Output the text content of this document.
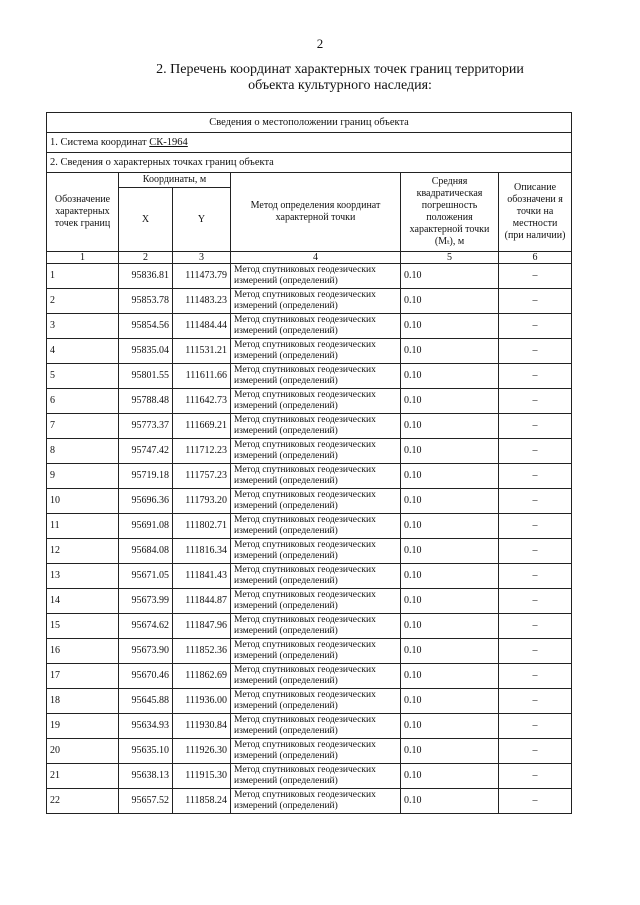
2
2. Перечень координат характерных точек границ территории
объекта культурного наследия:
Сведения о местоположении границ объекта					
1. Система координат СК-1964					
2. Сведения о характерных точках границ объекта					
Обозначение характерных точек границ	Координаты, м		Метод определения координат характерной точки	Средняя квадратическая погрешность положения характерной точки (Mₜ), м	Описание обозначени я точки на местности (при наличии)
	X	Y			
1	2	3	4	5	6
1	95836.81	111473.79	Метод спутниковых геодезических измерений (определений)	0.10	–
2	95853.78	111483.23	Метод спутниковых геодезических измерений (определений)	0.10	–
3	95854.56	111484.44	Метод спутниковых геодезических измерений (определений)	0.10	–
4	95835.04	111531.21	Метод спутниковых геодезических измерений (определений)	0.10	–
5	95801.55	111611.66	Метод спутниковых геодезических измерений (определений)	0.10	–
6	95788.48	111642.73	Метод спутниковых геодезических измерений (определений)	0.10	–
7	95773.37	111669.21	Метод спутниковых геодезических измерений (определений)	0.10	–
8	95747.42	111712.23	Метод спутниковых геодезических измерений (определений)	0.10	–
9	95719.18	111757.23	Метод спутниковых геодезических измерений (определений)	0.10	–
10	95696.36	111793.20	Метод спутниковых геодезических измерений (определений)	0.10	–
11	95691.08	111802.71	Метод спутниковых геодезических измерений (определений)	0.10	–
12	95684.08	111816.34	Метод спутниковых геодезических измерений (определений)	0.10	–
13	95671.05	111841.43	Метод спутниковых геодезических измерений (определений)	0.10	–
14	95673.99	111844.87	Метод спутниковых геодезических измерений (определений)	0.10	–
15	95674.62	111847.96	Метод спутниковых геодезических измерений (определений)	0.10	–
16	95673.90	111852.36	Метод спутниковых геодезических измерений (определений)	0.10	–
17	95670.46	111862.69	Метод спутниковых геодезических измерений (определений)	0.10	–
18	95645.88	111936.00	Метод спутниковых геодезических измерений (определений)	0.10	–
19	95634.93	111930.84	Метод спутниковых геодезических измерений (определений)	0.10	–
20	95635.10	111926.30	Метод спутниковых геодезических измерений (определений)	0.10	–
21	95638.13	111915.30	Метод спутниковых геодезических измерений (определений)	0.10	–
22	95657.52	111858.24	Метод спутниковых геодезических измерений (определений)	0.10	–
